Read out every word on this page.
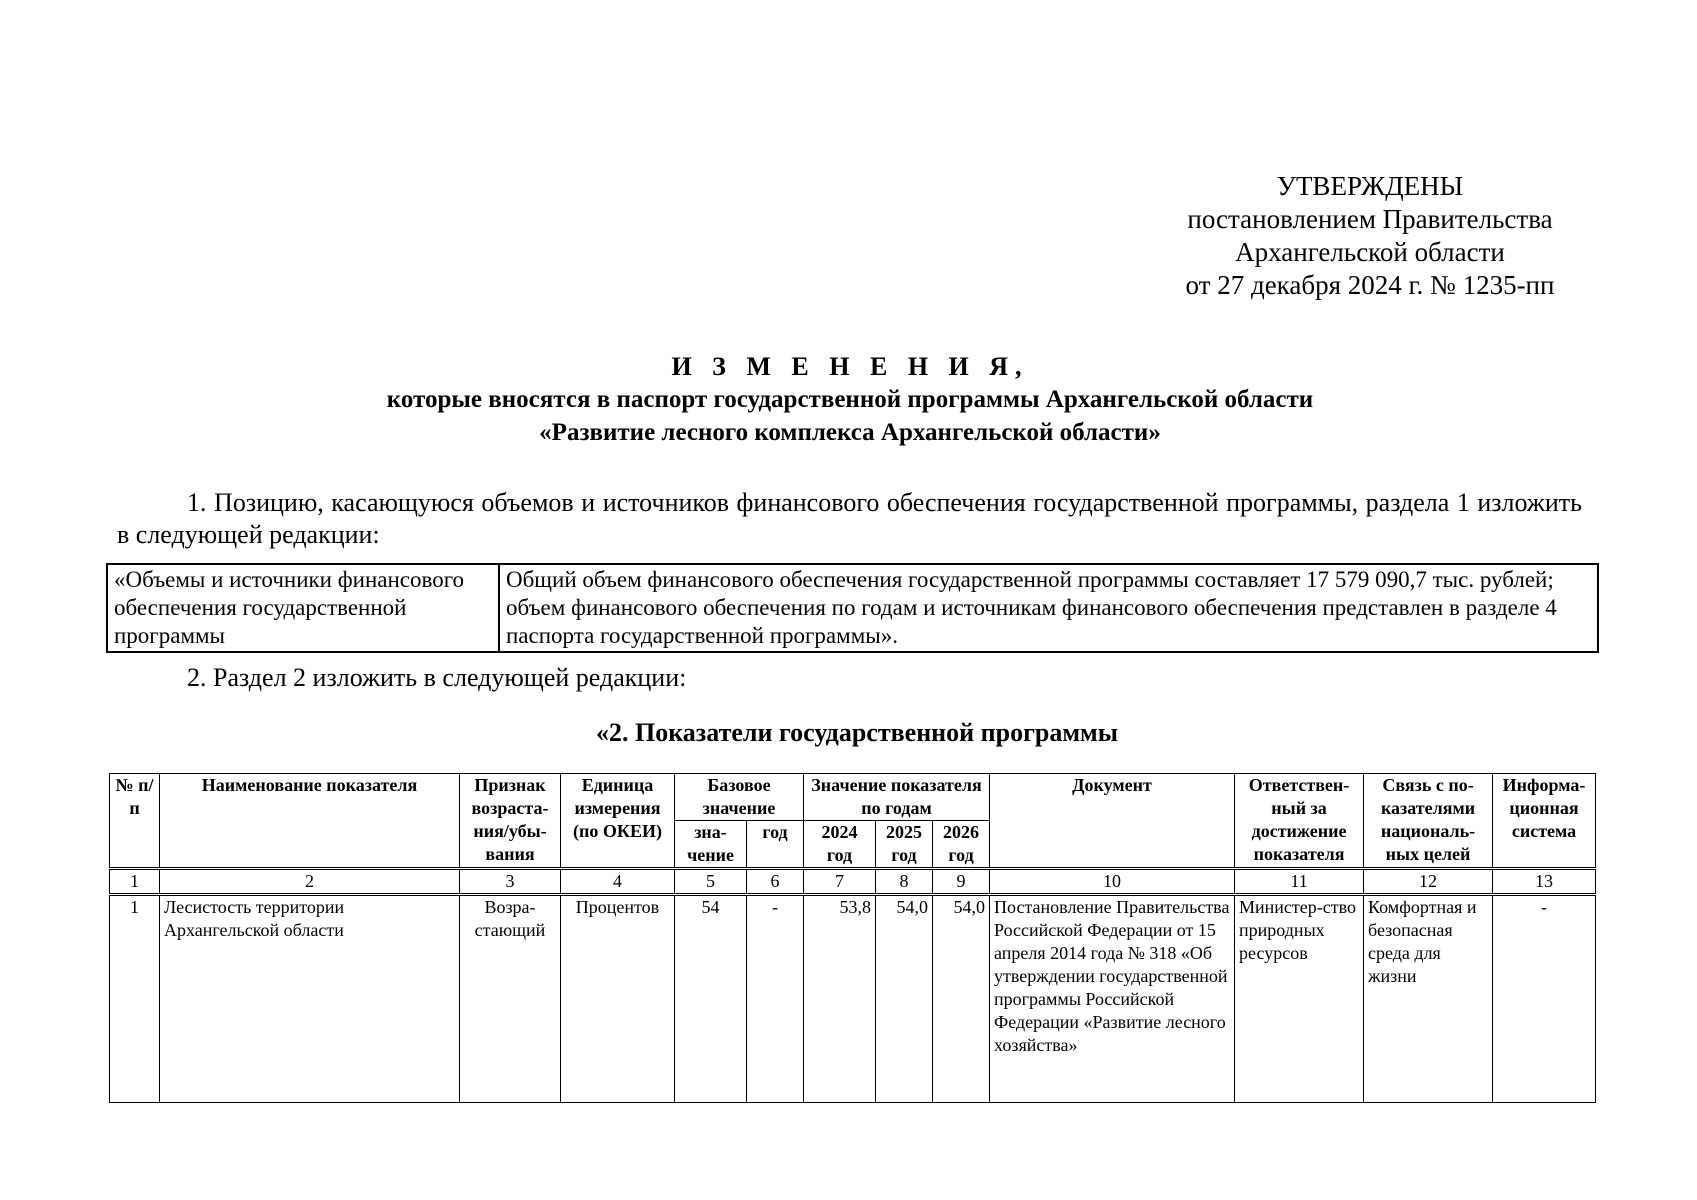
УТВЕРЖДЕНЫ
постановлением Правительства
Архангельской области
от 27 декабря 2024 г. № 1235-пп
И З М Е Н Е Н И Я,
которые вносятся в паспорт государственной программы Архангельской области
«Развитие лесного комплекса Архангельской области»
1. Позицию, касающуюся объемов и источников финансового обеспечения государственной программы, раздела 1 изложить в следующей редакции:
«Объемы и источники финансового обеспечения государственной программы	Общий объем финансового обеспечения государственной программы составляет 17 579 090,7 тыс. рублей; объем финансового обеспечения по годам и источникам финансового обеспечения представлен в разделе 4 паспорта государственной программы».
2. Раздел 2 изложить в следующей редакции:
«2. Показатели государственной программы
№ п/п	Наименование показателя	Признак возраста-ния/убы-вания	Единица измерения (по ОКЕИ)	Базовое значение		Значение показателя по годам			Документ	Ответствен-ный за достижение показателя	Связь с по-казателями националь-ных целей	Информа-ционная система
				зна-чение	год	2024 год	2025 год	2026 год				
1	2	3	4	5	6	7	8	9	10	11	12	13
1	Лесистость территории Архангельской области	Возра-стающий	Процентов	54	-	53,8	54,0	54,0	Постановление Правительства Российской Федерации от 15 апреля 2014 года № 318 «Об утверждении государственной программы Российской Федерации «Развитие лесного хозяйства»	Министер-ство природных ресурсов	Комфортная и безопасная среда для жизни	-
